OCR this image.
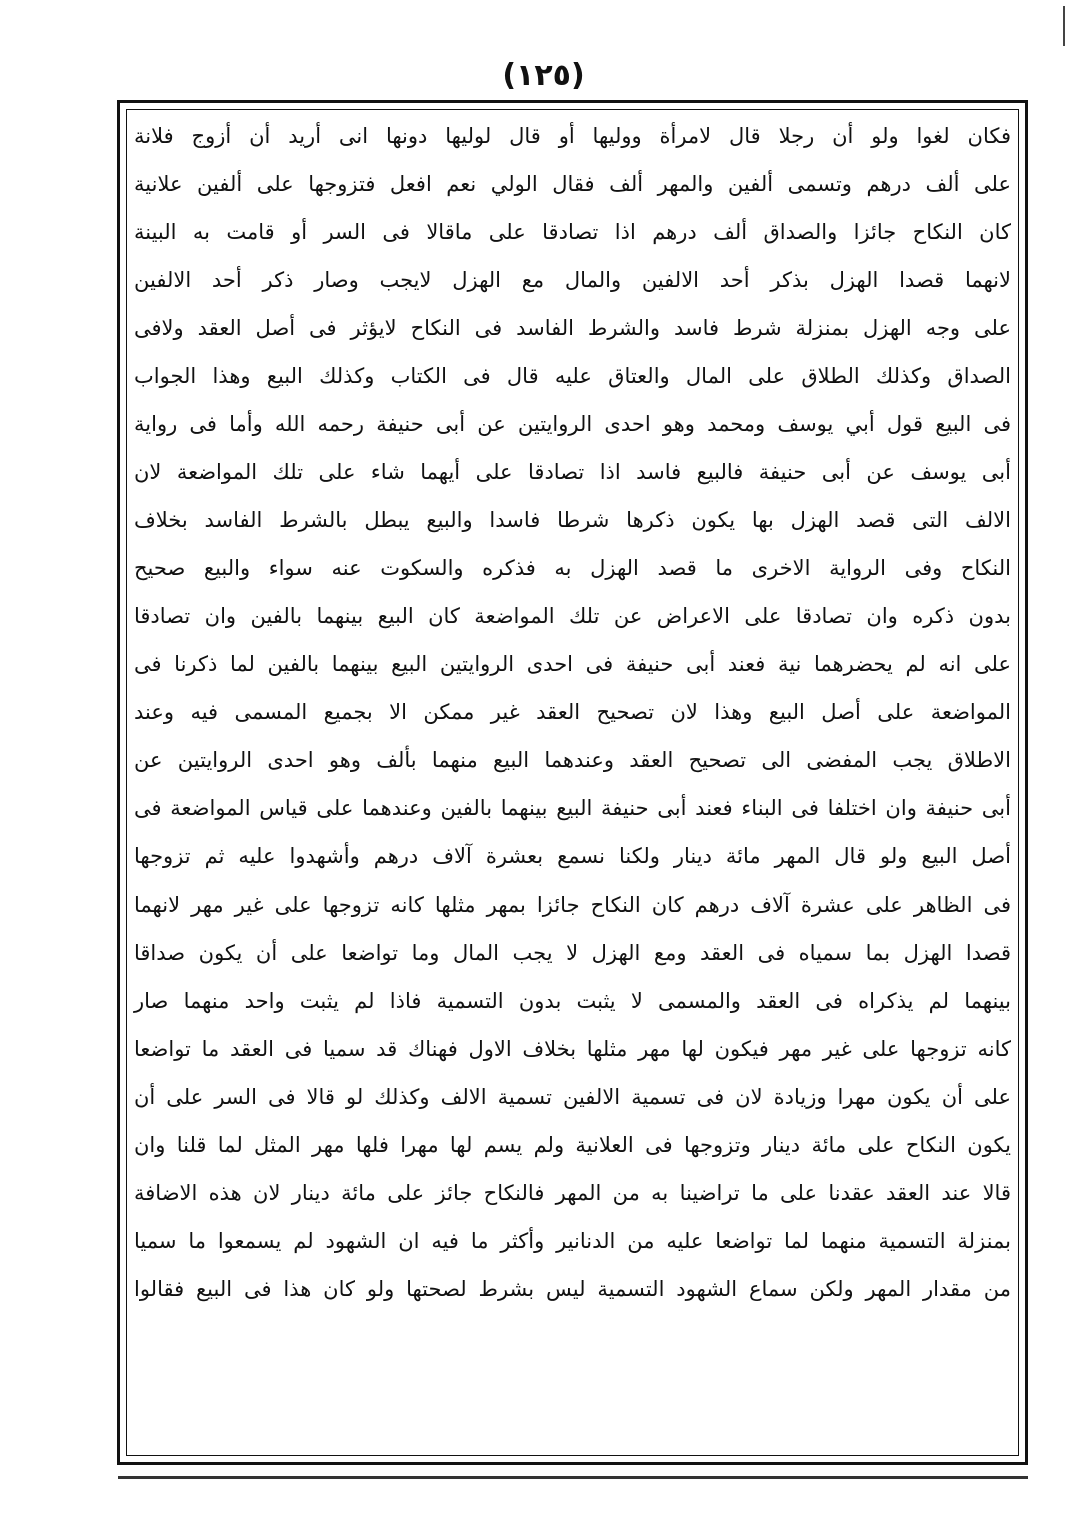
(١٢٥)
فكان لغوا ولو أن رجلا قال لامرأة ووليها أو قال لوليها دونها انى أريد أن أزوج فلانة
على ألف درهم وتسمى ألفين والمهر ألف فقال الولي نعم افعل فتزوجها على ألفين علانية
كان النكاح جائزا والصداق ألف درهم اذا تصادقا على ماقالا فى السر أو قامت به البينة
لانهما قصدا الهزل بذكر أحد الالفين والمال مع الهزل لايجب وصار ذكر أحد الالفين
على وجه الهزل بمنزلة شرط فاسد والشرط الفاسد فى النكاح لايؤثر فى أصل العقد ولافى
الصداق وكذلك الطلاق على المال والعتاق عليه قال فى الكتاب وكذلك البيع وهذا الجواب
فى البيع قول أبي يوسف ومحمد وهو احدى الروايتين عن أبى حنيفة رحمه الله وأما فى رواية
أبى يوسف عن أبى حنيفة فالبيع فاسد اذا تصادقا على أيهما شاء على تلك المواضعة لان
الالف التى قصد الهزل بها يكون ذكرها شرطا فاسدا والبيع يبطل بالشرط الفاسد بخلاف
النكاح وفى الرواية الاخرى ما قصد الهزل به فذكره والسكوت عنه سواء والبيع صحيح
بدون ذكره وان تصادقا على الاعراض عن تلك المواضعة كان البيع بينهما بالفين وان تصادقا
على انه لم يحضرهما نية فعند أبى حنيفة فى احدى الروايتين البيع بينهما بالفين لما ذكرنا فى
المواضعة على أصل البيع وهذا لان تصحيح العقد غير ممكن الا بجميع المسمى فيه وعند
الاطلاق يجب المفضى الى تصحيح العقد وعندهما البيع منهما بألف وهو احدى الروايتين عن
أبى حنيفة وان اختلفا فى البناء فعند أبى حنيفة البيع بينهما بالفين وعندهما على قياس المواضعة فى
أصل البيع ولو قال المهر مائة دينار ولكنا نسمع بعشرة آلاف درهم وأشهدوا عليه ثم تزوجها
فى الظاهر على عشرة آلاف درهم كان النكاح جائزا بمهر مثلها كانه تزوجها على غير مهر لانهما
قصدا الهزل بما سمياه فى العقد ومع الهزل لا يجب المال وما تواضعا على أن يكون صداقا
بينهما لم يذكراه فى العقد والمسمى لا يثبت بدون التسمية فاذا لم يثبت واحد منهما صار
كانه تزوجها على غير مهر فيكون لها مهر مثلها بخلاف الاول فهناك قد سميا فى العقد ما تواضعا
على أن يكون مهرا وزيادة لان فى تسمية الالفين تسمية الالف وكذلك لو قالا فى السر على أن
يكون النكاح على مائة دينار وتزوجها فى العلانية ولم يسم لها مهرا فلها مهر المثل لما قلنا وان
قالا عند العقد عقدنا على ما تراضينا به من المهر فالنكاح جائز على مائة دينار لان هذه الاضافة
بمنزلة التسمية منهما لما تواضعا عليه من الدنانير وأكثر ما فيه ان الشهود لم يسمعوا ما سميا
من مقدار المهر ولكن سماع الشهود التسمية ليس بشرط لصحتها ولو كان هذا فى البيع فقالوا
